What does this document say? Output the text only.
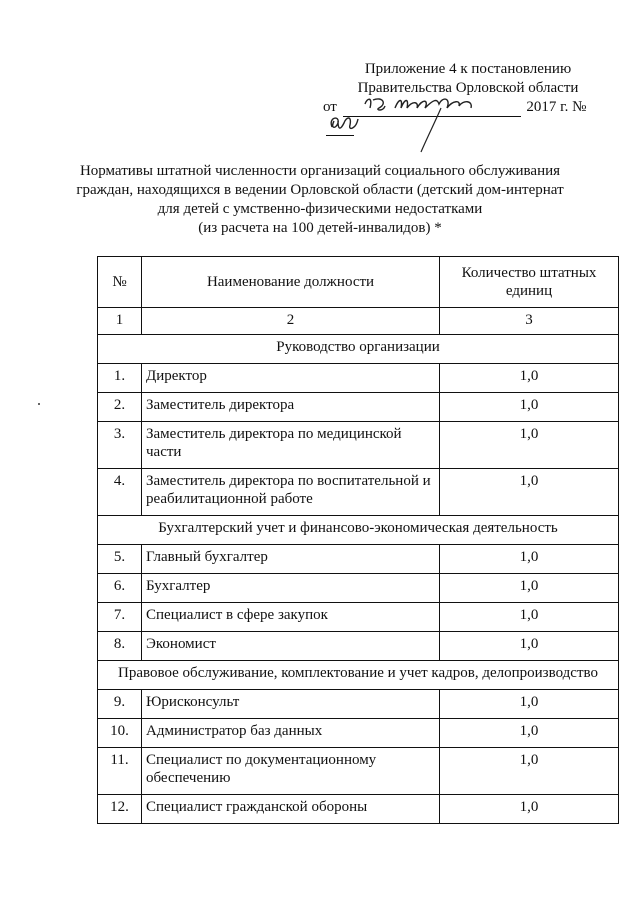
Приложение 4 к постановлению
Правительства Орловской области
от	2017 г. №
Нормативы штатной численности организаций социального обслуживания
граждан, находящихся в ведении Орловской области (детский дом-интернат
для детей с умственно-физическими недостатками
(из расчета на 100 детей-инвалидов) *
№	Наименование должности	Количество штатных единиц
1	2	3
Руководство организации		
1.	Директор	1,0
2.	Заместитель директора	1,0
3.	Заместитель директора по медицинской части	1,0
4.	Заместитель директора по воспитательной и реабилитационной работе	1,0
Бухгалтерский учет и финансово-экономическая деятельность		
5.	Главный бухгалтер	1,0
6.	Бухгалтер	1,0
7.	Специалист в сфере закупок	1,0
8.	Экономист	1,0
Правовое обслуживание, комплектование и учет кадров, делопроизводство		
9.	Юрисконсульт	1,0
10.	Администратор баз данных	1,0
11.	Специалист по документационному обеспечению	1,0
12.	Специалист гражданской обороны	1,0
